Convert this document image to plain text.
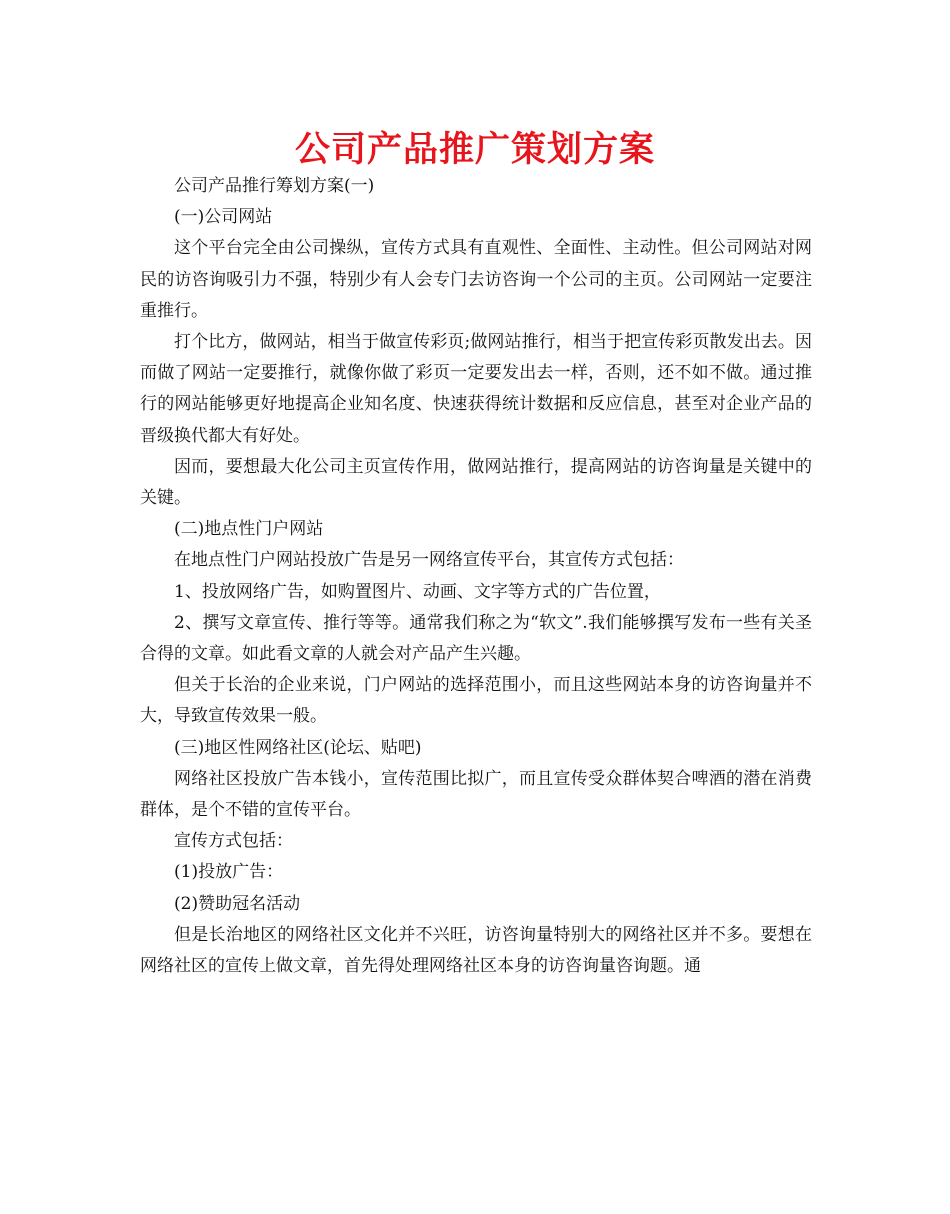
公司产品推广策划方案

公司产品推行筹划方案(一)

(一)公司网站

这个平台完全由公司操纵，宣传方式具有直观性、全面性、主动性。但公司网站对网民的访咨询吸引力不强，特别少有人会专门去访咨询一个公司的主页。公司网站一定要注重推行。

打个比方，做网站，相当于做宣传彩页;做网站推行，相当于把宣传彩页散发出去。因而做了网站一定要推行，就像你做了彩页一定要发出去一样，否则，还不如不做。通过推行的网站能够更好地提高企业知名度、快速获得统计数据和反应信息，甚至对企业产品的晋级换代都大有好处。

因而，要想最大化公司主页宣传作用，做网站推行，提高网站的访咨询量是关键中的关键。

(二)地点性门户网站

在地点性门户网站投放广告是另一网络宣传平台，其宣传方式包括：

1、投放网络广告，如购置图片、动画、文字等方式的广告位置，

2、撰写文章宣传、推行等等。通常我们称之为“软文”.我们能够撰写发布一些有关圣合得的文章。如此看文章的人就会对产品产生兴趣。

但关于长治的企业来说，门户网站的选择范围小，而且这些网站本身的访咨询量并不大，导致宣传效果一般。

(三)地区性网络社区(论坛、贴吧)

网络社区投放广告本钱小，宣传范围比拟广，而且宣传受众群体契合啤酒的潜在消费群体，是个不错的宣传平台。

宣传方式包括：

(1)投放广告：

(2)赞助冠名活动

但是长治地区的网络社区文化并不兴旺，访咨询量特别大的网络社区并不多。要想在网络社区的宣传上做文章，首先得处理网络社区本身的访咨询量咨询题。通
